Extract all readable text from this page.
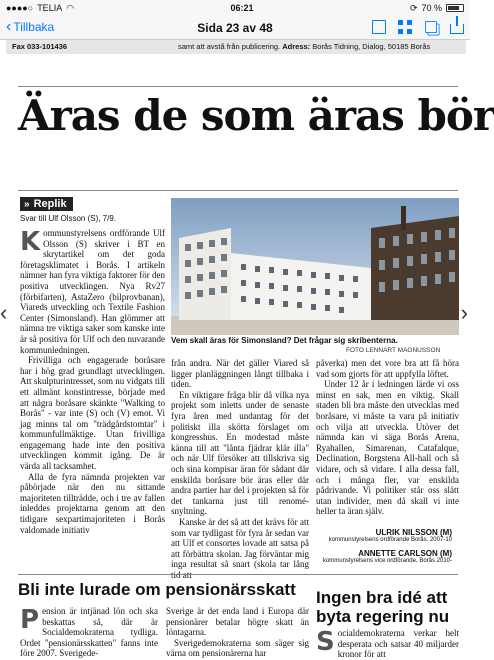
●●●●○ TELIA ◠	06:21	⟳ 70 %
‹ Tillbaka	Sida 23 av 48
Fax 033-101436	samt att avstå från publicering. Adress: Borås Tidning, Dialog, 50185 Borås
Äras de som äras bör
» Replik
Svar till Ulf Olsson (S), 7/9.
K ommunstyrelsens ordförande Ulf Olsson (S) skriver i BT en skrytartikel om det goda företagsklimatet i Borås. I artikeln nämner han fyra viktiga faktorer för den positiva utvecklingen. Nya Rv27 (förbifarten), AstaZero (bilprovbanan), Viareds utveckling och Textile Fashion Center (Simonsland). Han glömmer att nämna tre viktiga saker som kanske inte är så positiva för Ulf och den nuvarande kommunledningen.

Frivilliga och engagerade boråsare har i hög grad grundlagt utvecklingen. Att skulpturintresset, som nu vidgats till ett allmänt konstintresse, började med att några boråsare skänkte "Walking to Borås" - var inte (S) och (V) emot. Vi jag minns tal om "trädgårdstomtar" i kommunfullmäktige. Utan frivilliga engagemang hade inte den positiva utvecklingen kommit igång. De är värda all tacksamhet.

Alla de fyra nämnda projekten var påbörjade när den nu sittande majoriteten tillträdde, och i tre av fallen inleddes projektarna genom att den tidigare sexpartimajoriteten i Borås valdomade initiativ

Vem skall äras för Simonsland? Det frågar sig skribenterna.
FOTO LENNART MAGNUSSON

från andra. När det gäller Viared så ligger planläggningen långt tillbaka i tiden.

En viktigare fråga blir då vilka nya projekt som inletts under de senaste fyra åren med undantag för det politiskt illa skötta förslaget om kongresshus. En modestad måste känna till att "lånta fjädrar klär illa" och när Ulf försöker att tillskriva sig och sina kompisar äran för sådant där enskilda boråsare bör äras eller där andra partier har del i projekten så för det tankarna just till renomé-snyltning.

Kanske är det så att det krävs för att som var tydligast för fyra år sedan var att Ulf et consortes lovade att satsa på att förbättra skolan. Jag förväntar mig inga resultat så snart (skola tar lång

påverka) men det vore bra att få höra vad som gjorts för att uppfylla löftet.

Under 12 år i ledningen lärde vi oss minst en sak, men en viktig. Skall staden bli bra måste den utvecklas med boråsare, vi måste ta vara på initiativ och vilja att utveckla. Utöver det nämnda kan vi säga Borås Arena, Ryahallen, Simarenan, Catafalque, Declination, Borgstena All-hall och så vidare, och så vidare. I alla dessa fall, och i många fler, var enskilda pådrivande. Vi politiker står oss slätt utan individer, men då skall vi inte heller ta äran själv.

ULRIK NILSSON (M)
kommunstyrelsens ordförande Borås, 2007-10
ANNETTE CARLSON (M)
kommunstyrelsens vice ordförande, Borås 2010-
Bli inte lurade om pensionärsskatt	Ingen bra idé att byta regering nu
P ension är intjänad lön och ska beskattas så, där är Socialdemokraterna tydliga. Ordet "pensionärsskatten" fanns inte före 2007. Sverigede-

Sverige är det enda land i Europa där pensionärer betalar högre skatt än löntagarna.

Sverigedemokraterna som säger sig värna om pensionärerna har	S ocialdemokraterna verkar helt desperata och satsar 40 miljarder kronor för att

‹	›
